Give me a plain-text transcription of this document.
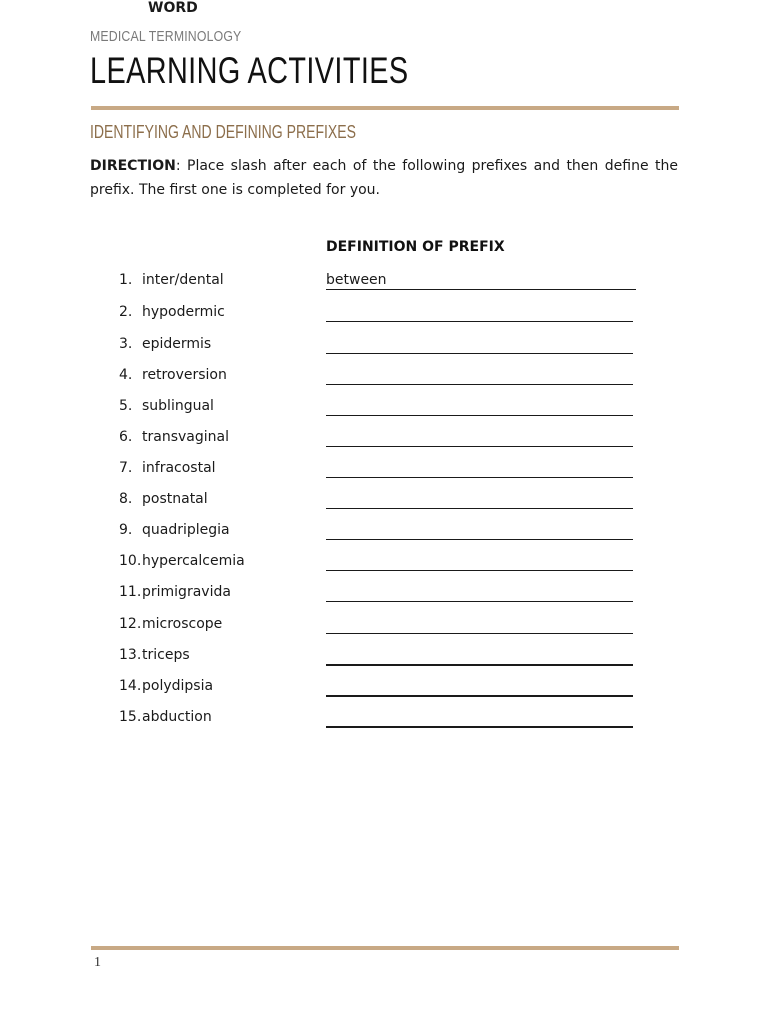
MEDICAL TERMINOLOGY
LEARNING ACTIVITIES
IDENTIFYING AND DEFINING PREFIXES
DIRECTION: Place slash after each of the following prefixes and then define the prefix. The first one is completed for you.
WORD
DEFINITION OF PREFIX
1. inter/dental	between
2. hypodermic
3. epidermis
4. retroversion
5. sublingual
6. transvaginal
7. infracostal
8. postnatal
9. quadriplegia
10. hypercalcemia
11. primigravida
12. microscope
13. triceps
14. polydipsia
15. abduction
1
